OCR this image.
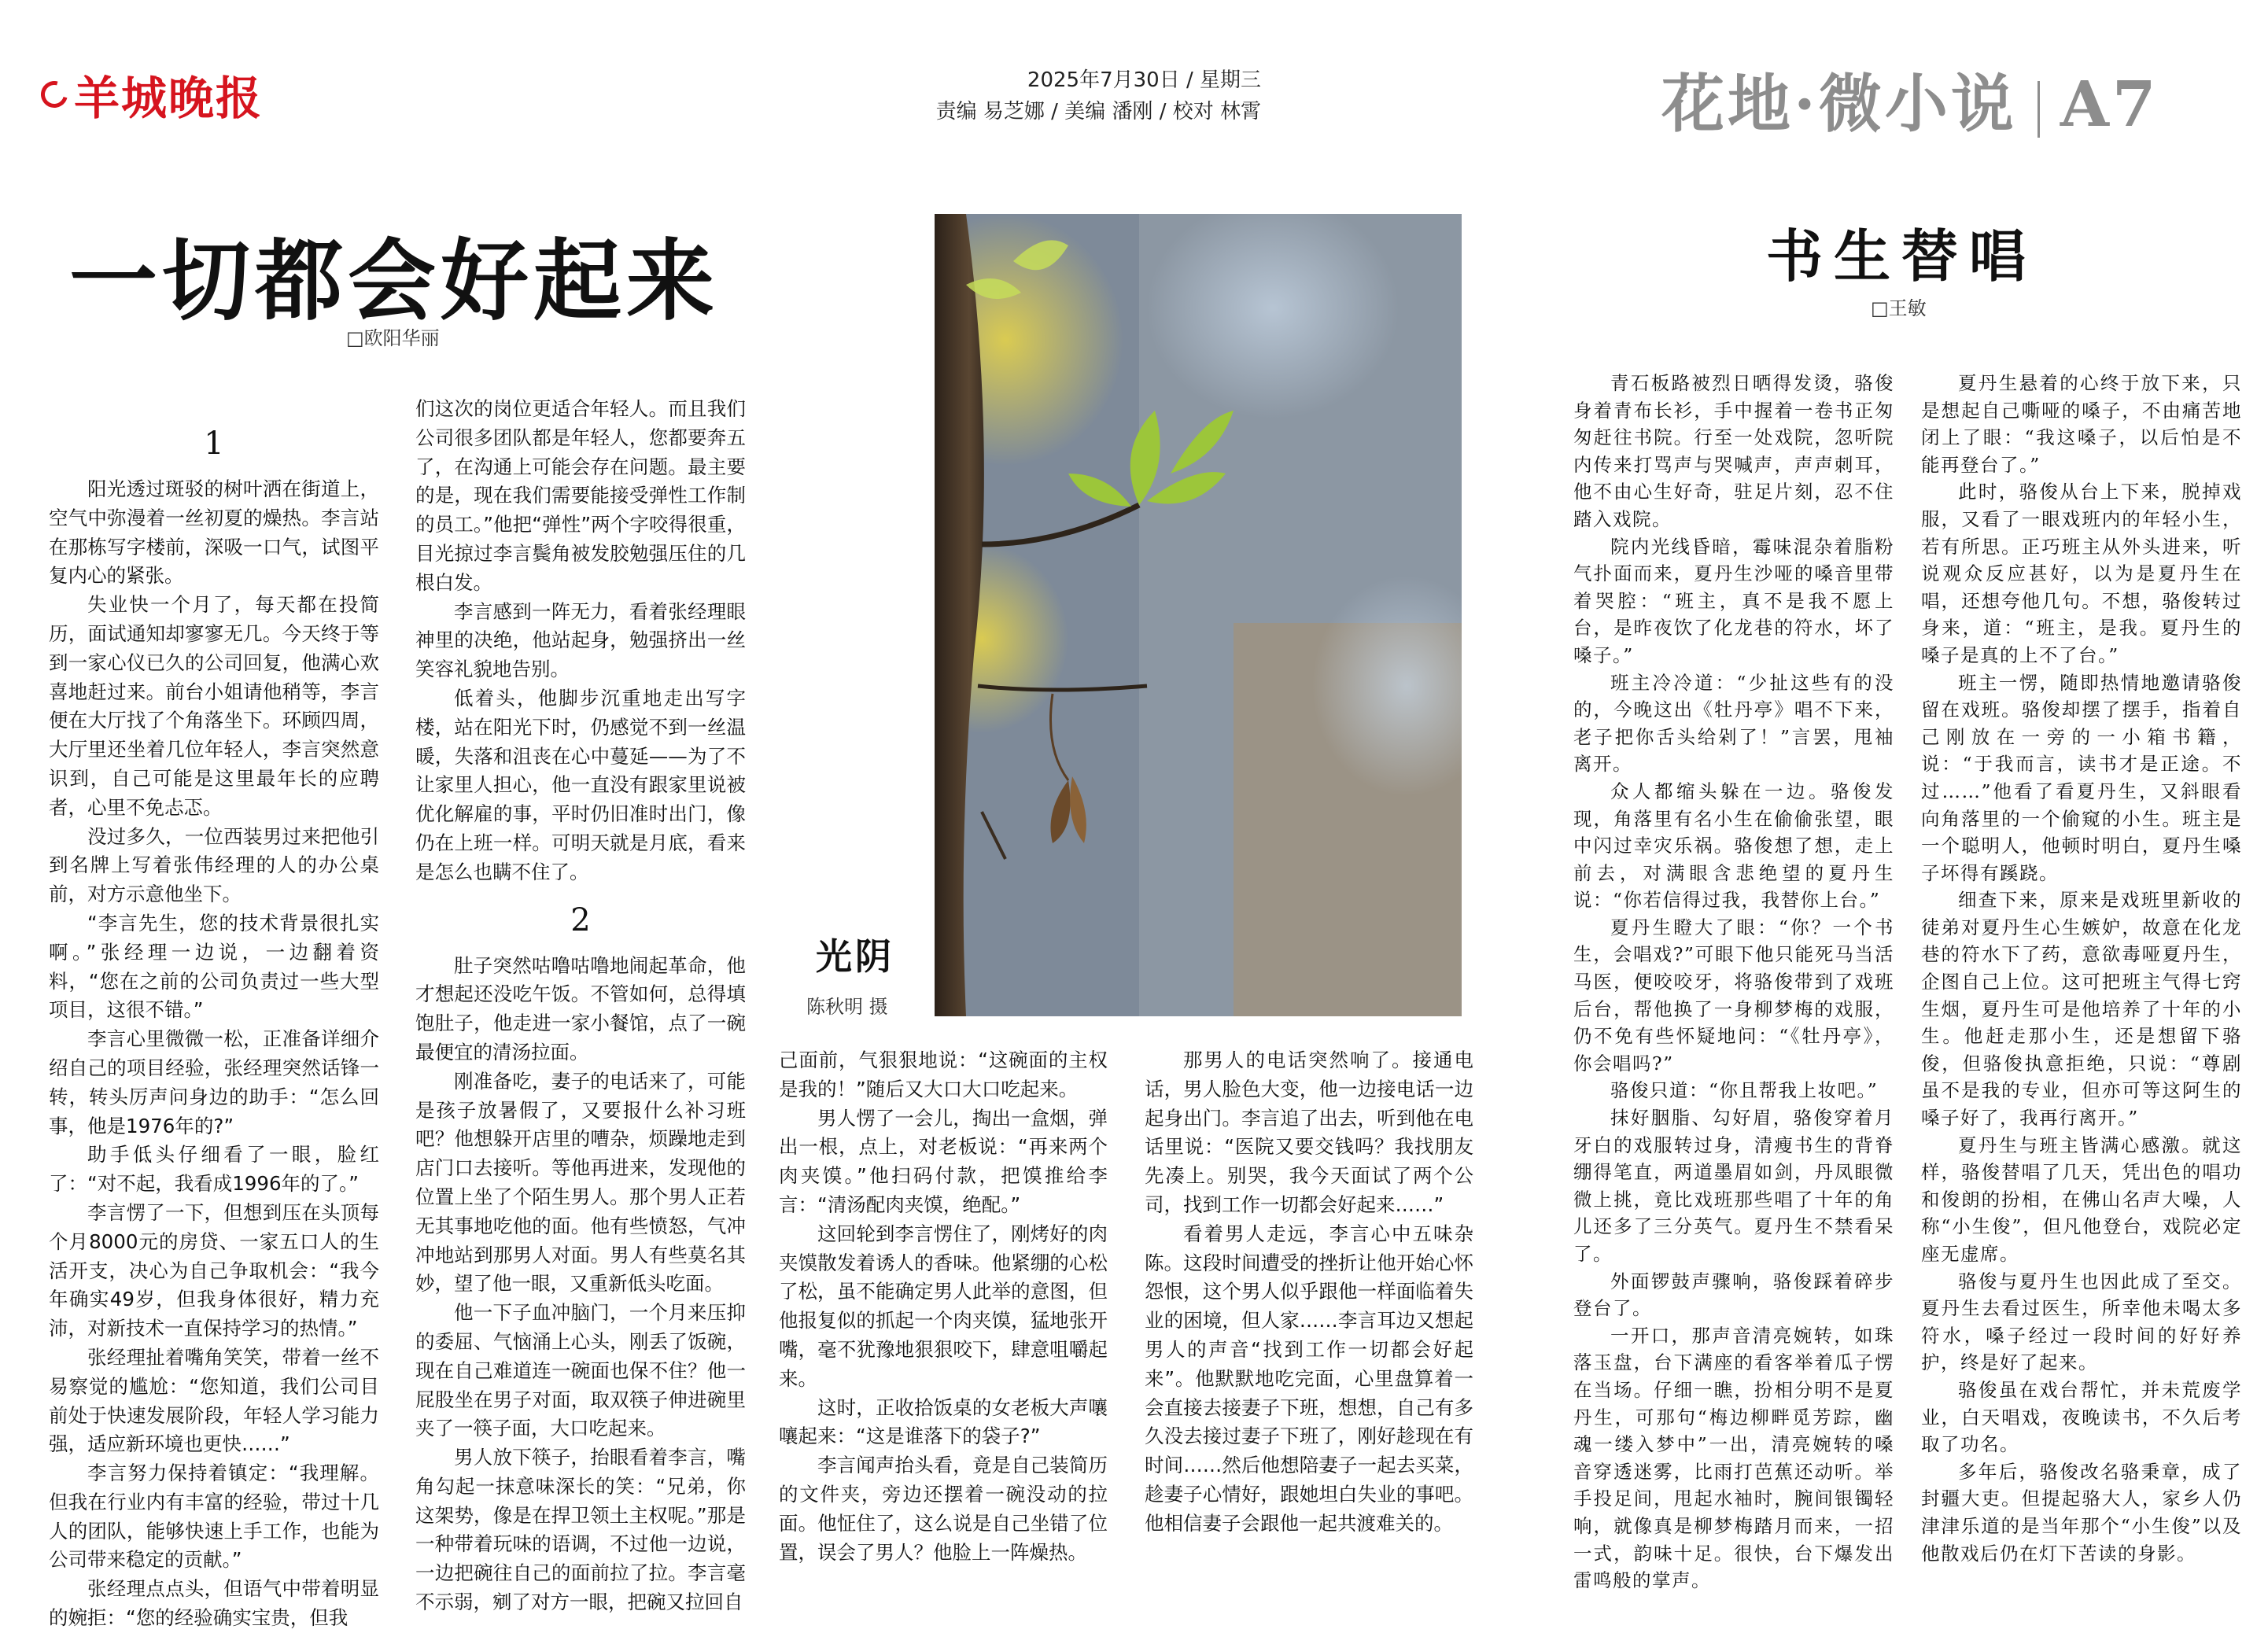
羊城晚报	2025年7月30日 / 星期三
责编 易芝娜 / 美编 潘刚 / 校对 林霄	花地·微小说 A7
一切都会好起来
□欧阳华丽
1

阳光透过斑驳的树叶洒在街道上，空气中弥漫着一丝初夏的燥热。李言站在那栋写字楼前，深吸一口气，试图平复内心的紧张。

失业快一个月了，每天都在投简历，面试通知却寥寥无几。今天终于等到一家心仪已久的公司回复，他满心欢喜地赶过来。前台小姐请他稍等，李言便在大厅找了个角落坐下。环顾四周，大厅里还坐着几位年轻人，李言突然意识到，自己可能是这里最年长的应聘者，心里不免忐忑。

没过多久，一位西装男过来把他引到名牌上写着张伟经理的人的办公桌前，对方示意他坐下。

“李言先生，您的技术背景很扎实啊。”张经理一边说，一边翻着资料，“您在之前的公司负责过一些大型项目，这很不错。”

李言心里微微一松，正准备详细介绍自己的项目经验，张经理突然话锋一转，转头厉声问身边的助手：“怎么回事，他是1976年的?”

助手低头仔细看了一眼，脸红了：“对不起，我看成1996年的了。”

李言愣了一下，但想到压在头顶每个月8000元的房贷、一家五口人的生活开支，决心为自己争取机会：“我今年确实49岁，但我身体很好，精力充沛，对新技术一直保持学习的热情。”

张经理扯着嘴角笑笑，带着一丝不易察觉的尴尬：“您知道，我们公司目前处于快速发展阶段，年轻人学习能力强，适应新环境也更快……”

李言努力保持着镇定：“我理解。但我在行业内有丰富的经验，带过十几人的团队，能够快速上手工作，也能为公司带来稳定的贡献。”

张经理点点头，但语气中带着明显的婉拒：“您的经验确实宝贵，但我

们这次的岗位更适合年轻人。而且我们公司很多团队都是年轻人，您都要奔五了，在沟通上可能会存在问题。最主要的是，现在我们需要能接受弹性工作制的员工。”他把“弹性”两个字咬得很重，目光掠过李言鬓角被发胶勉强压住的几根白发。

李言感到一阵无力，看着张经理眼神里的决绝，他站起身，勉强挤出一丝笑容礼貌地告别。

低着头，他脚步沉重地走出写字楼，站在阳光下时，仍感觉不到一丝温暖，失落和沮丧在心中蔓延——为了不让家里人担心，他一直没有跟家里说被优化解雇的事，平时仍旧准时出门，像仍在上班一样。可明天就是月底，看来是怎么也瞒不住了。

2

肚子突然咕噜咕噜地闹起革命，他才想起还没吃午饭。不管如何，总得填饱肚子，他走进一家小餐馆，点了一碗最便宜的清汤拉面。

刚准备吃，妻子的电话来了，可能是孩子放暑假了，又要报什么补习班吧？他想躲开店里的嘈杂，烦躁地走到店门口去接听。等他再进来，发现他的位置上坐了个陌生男人。那个男人正若无其事地吃他的面。他有些愤怒，气冲冲地站到那男人对面。男人有些莫名其妙，望了他一眼，又重新低头吃面。

他一下子血冲脑门，一个月来压抑的委屈、气恼涌上心头，刚丢了饭碗，现在自己难道连一碗面也保不住？他一屁股坐在男子对面，取双筷子伸进碗里夹了一筷子面，大口吃起来。

男人放下筷子，抬眼看着李言，嘴角勾起一抹意味深长的笑：“兄弟，你这架势，像是在捍卫领土主权呢。”那是一种带着玩味的语调，不过他一边说，一边把碗往自己的面前拉了拉。李言毫不示弱，剜了对方一眼，把碗又拉回自

己面前，气狠狠地说：“这碗面的主权是我的！”随后又大口大口吃起来。

男人愣了一会儿，掏出一盒烟，弹出一根，点上，对老板说：“再来两个肉夹馍。”他扫码付款，把馍推给李言：“清汤配肉夹馍，绝配。”

这回轮到李言愣住了，刚烤好的肉夹馍散发着诱人的香味。他紧绷的心松了松，虽不能确定男人此举的意图，但他报复似的抓起一个肉夹馍，猛地张开嘴，毫不犹豫地狠狠咬下，肆意咀嚼起来。

这时，正收拾饭桌的女老板大声嚷嚷起来：“这是谁落下的袋子?”

李言闻声抬头看，竟是自己装简历的文件夹，旁边还摆着一碗没动的拉面。他怔住了，这么说是自己坐错了位置，误会了男人？他脸上一阵燥热。

那男人的电话突然响了。接通电话，男人脸色大变，他一边接电话一边起身出门。李言追了出去，听到他在电话里说：“医院又要交钱吗？我找朋友先凑上。别哭，我今天面试了两个公司，找到工作一切都会好起来……”

看着男人走远，李言心中五味杂陈。这段时间遭受的挫折让他开始心怀怨恨，这个男人似乎跟他一样面临着失业的困境，但人家……李言耳边又想起男人的声音“找到工作一切都会好起来”。他默默地吃完面，心里盘算着一会直接去接妻子下班，想想，自己有多久没去接过妻子下班了，刚好趁现在有时间……然后他想陪妻子一起去买菜，趁妻子心情好，跟她坦白失业的事吧。他相信妻子会跟他一起共渡难关的。

光阴
陈秋明 摄
书生替唱
□王敏

青石板路被烈日晒得发烫，骆俊身着青布长衫，手中握着一卷书正匆匆赶往书院。行至一处戏院，忽听院内传来打骂声与哭喊声，声声刺耳，他不由心生好奇，驻足片刻，忍不住踏入戏院。

院内光线昏暗，霉味混杂着脂粉气扑面而来，夏丹生沙哑的嗓音里带着哭腔：“班主，真不是我不愿上台，是昨夜饮了化龙巷的符水，坏了嗓子。”

班主冷冷道：“少扯这些有的没的，今晚这出《牡丹亭》唱不下来，老子把你舌头给剁了！”言罢，甩袖离开。

众人都缩头躲在一边。骆俊发现，角落里有名小生在偷偷张望，眼中闪过幸灾乐祸。骆俊想了想，走上前去，对满眼含悲绝望的夏丹生说：“你若信得过我，我替你上台。”

夏丹生瞪大了眼：“你？一个书生，会唱戏?”可眼下他只能死马当活马医，便咬咬牙，将骆俊带到了戏班后台，帮他换了一身柳梦梅的戏服，仍不免有些怀疑地问：“《牡丹亭》，你会唱吗?”

骆俊只道：“你且帮我上妆吧。”

抹好胭脂、勾好眉，骆俊穿着月牙白的戏服转过身，清瘦书生的背脊绷得笔直，两道墨眉如剑，丹凤眼微微上挑，竟比戏班那些唱了十年的角儿还多了三分英气。夏丹生不禁看呆了。

外面锣鼓声骤响，骆俊踩着碎步登台了。

一开口，那声音清亮婉转，如珠落玉盘，台下满座的看客举着瓜子愣在当场。仔细一瞧，扮相分明不是夏丹生，可那句“梅边柳畔觅芳踪，幽魂一缕入梦中”一出，清亮婉转的嗓音穿透迷雾，比雨打芭蕉还动听。举手投足间，甩起水袖时，腕间银镯轻响，就像真是柳梦梅踏月而来，一招一式，韵味十足。很快，台下爆发出雷鸣般的掌声。

夏丹生悬着的心终于放下来，只是想起自己嘶哑的嗓子，不由痛苦地闭上了眼：“我这嗓子，以后怕是不能再登台了。”

此时，骆俊从台上下来，脱掉戏服，又看了一眼戏班内的年轻小生，若有所思。正巧班主从外头进来，听说观众反应甚好，以为是夏丹生在唱，还想夸他几句。不想，骆俊转过身来，道：“班主，是我。夏丹生的嗓子是真的上不了台。”

班主一愣，随即热情地邀请骆俊留在戏班。骆俊却摆了摆手，指着自己刚放在一旁的一小箱书籍，说：“于我而言，读书才是正途。不过……”他看了看夏丹生，又斜眼看向角落里的一个偷窥的小生。班主是一个聪明人，他顿时明白，夏丹生嗓子坏得有蹊跷。

细查下来，原来是戏班里新收的徒弟对夏丹生心生嫉妒，故意在化龙巷的符水下了药，意欲毒哑夏丹生，企图自己上位。这可把班主气得七窍生烟，夏丹生可是他培养了十年的小生。他赶走那小生，还是想留下骆俊，但骆俊执意拒绝，只说：“尊剧虽不是我的专业，但亦可等这阿生的嗓子好了，我再行离开。”

夏丹生与班主皆满心感激。就这样，骆俊替唱了几天，凭出色的唱功和俊朗的扮相，在佛山名声大噪，人称“小生俊”，但凡他登台，戏院必定座无虚席。

骆俊与夏丹生也因此成了至交。夏丹生去看过医生，所幸他未喝太多符水，嗓子经过一段时间的好好养护，终是好了起来。

骆俊虽在戏台帮忙，并未荒废学业，白天唱戏，夜晚读书，不久后考取了功名。

多年后，骆俊改名骆秉章，成了封疆大吏。但提起骆大人，家乡人仍津津乐道的是当年那个“小生俊”以及他散戏后仍在灯下苦读的身影。
